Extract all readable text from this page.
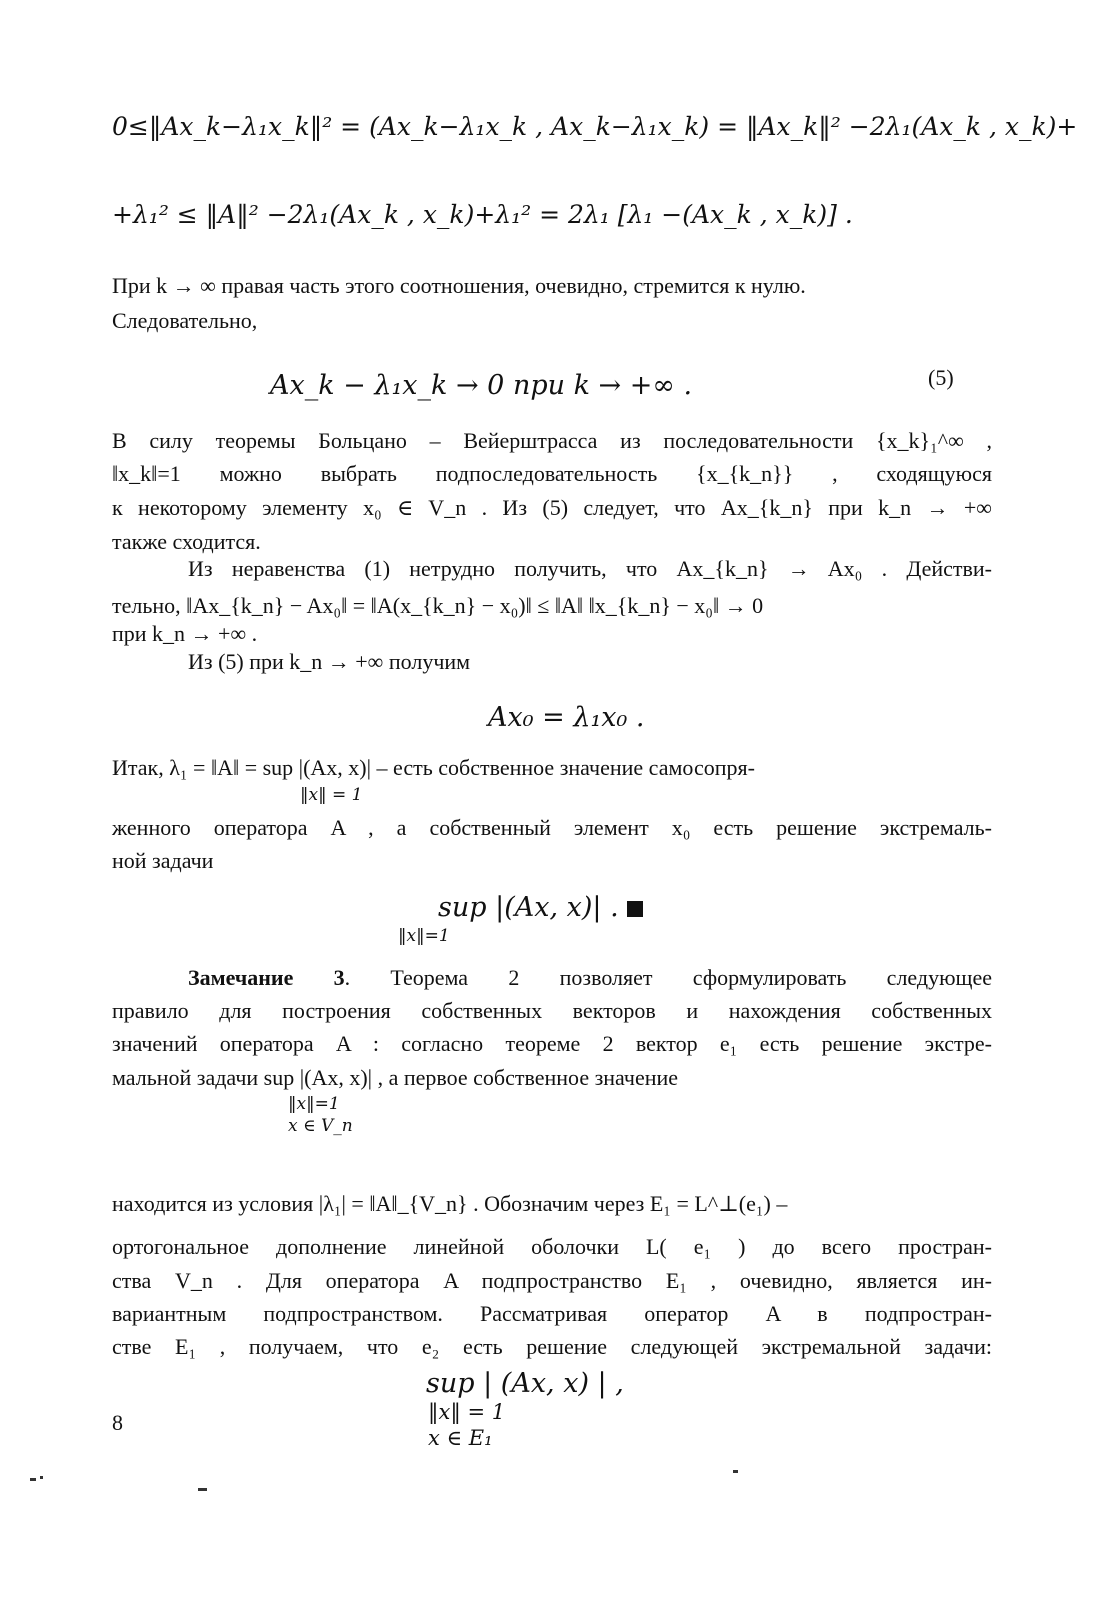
0≤‖Ax_k−λ₁x_k‖² = (Ax_k−λ₁x_k , Ax_k−λ₁x_k) = ‖Ax_k‖² −2λ₁(Ax_k , x_k)+
+λ₁² ≤ ‖A‖² −2λ₁(Ax_k , x_k)+λ₁² = 2λ₁ [λ₁ −(Ax_k , x_k)] .
При k → ∞ правая часть этого соотношения, очевидно, стремится к нулю.
Следовательно,
Ax_k − λ₁x_k → 0 при k → +∞ .	(5)
В силу теоремы Больцано – Вейерштрасса из последовательности {x_k}₁^∞ ,
‖x_k‖=1 можно выбрать подпоследовательность {x_{k_n}} , сходящуюся
к некоторому элементу x₀ ∈ V_n . Из (5) следует, что Ax_{k_n} при k_n → +∞
также сходится.
Из неравенства (1) нетрудно получить, что Ax_{k_n} → Ax₀ . Действи-
тельно, ‖Ax_{k_n} − Ax₀‖ = ‖A(x_{k_n} − x₀)‖ ≤ ‖A‖ ‖x_{k_n} − x₀‖ → 0
при k_n → +∞ .
Из (5) при k_n → +∞ получим
Ax₀ = λ₁x₀ .
Итак, λ₁ = ‖A‖ = sup |(Ax, x)| – есть собственное значение самосопря-
‖x‖ = 1
женного оператора A , а собственный элемент x₀ есть решение экстремаль-
ной задачи
sup |(Ax, x)| .
‖x‖=1
Замечание 3. Теорема 2 позволяет сформулировать следующее
правило для построения собственных векторов и нахождения собственных
значений оператора A : согласно теореме 2 вектор e₁ есть решение экстре-
мальной задачи sup |(Ax, x)| , а первое собственное значение
‖x‖=1
x ∈ V_n
находится из условия |λ₁| = ‖A‖_{V_n} . Обозначим через E₁ = L^⊥(e₁) –
ортогональное дополнение линейной оболочки L( e₁ ) до всего простран-
ства V_n . Для оператора A подпространство E₁ , очевидно, является ин-
вариантным подпространством. Рассматривая оператор A в подпростран-
стве E₁ , получаем, что e₂ есть решение следующей экстремальной задачи:
sup | (Ax, x) | ,
‖x‖ = 1
x ∈ E₁
8
